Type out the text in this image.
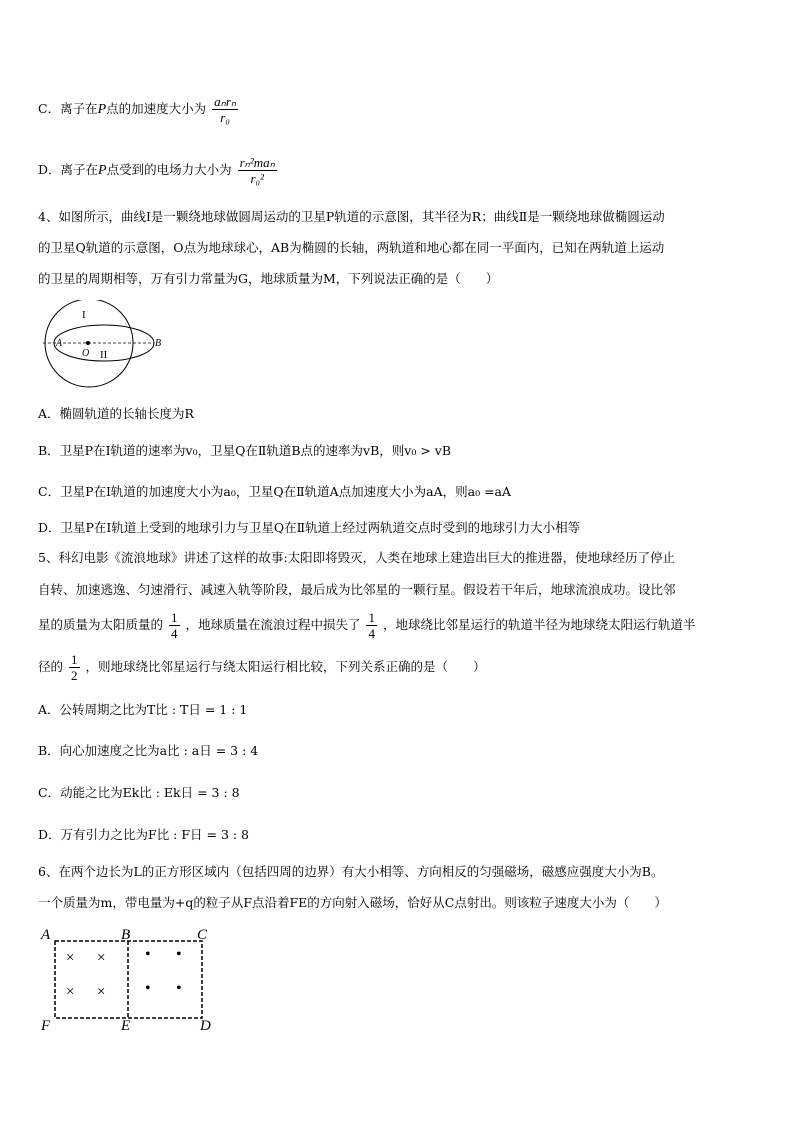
C．离子在P点的加速度大小为 $\frac{\text{aₙrₙ}}{\text{r₀}}$
D．离子在P点受到的电场力大小为 $\frac{\text{rₙ²maₙ}}{\text{r₀²}}$
4、如图所示，曲线Ⅰ是一颗绕地球做圆周运动的卫星P轨道的示意图，其半径为R；曲线Ⅱ是一颗绕地球做椭圆运动
的卫星Q轨道的示意图，O点为地球球心，AB为椭圆的长轴，两轨道和地心都在同一平面内，已知在两轨道上运动
的卫星的周期相等，万有引力常量为G，地球质量为M，下列说法正确的是（　　）
I
II
A	B
O
A．椭圆轨道的长轴长度为R
B．卫星P在Ⅰ轨道的速率为v₀，卫星Q在Ⅱ轨道B点的速率为vB，则v₀ > vB
C．卫星P在Ⅰ轨道的加速度大小为a₀，卫星Q在Ⅱ轨道A点加速度大小为aA，则a₀ =aA
D．卫星P在Ⅰ轨道上受到的地球引力与卫星Q在Ⅱ轨道上经过两轨道交点时受到的地球引力大小相等
5、科幻电影《流浪地球》讲述了这样的故事:太阳即将毁灭，人类在地球上建造出巨大的推进器，使地球经历了停止
自转、加速逃逸、匀速滑行、减速入轨等阶段，最后成为比邻星的一颗行星。假设若干年后，地球流浪成功。设比邻
星的质量为太阳质量的 $\frac{1}{4}$ ，地球质量在流浪过程中损失了 $\frac{1}{4}$ ，地球绕比邻星运行的轨道半径为地球绕太阳运行轨道半
径的 $\frac{1}{2}$ ，则地球绕比邻星运行与绕太阳运行相比较，下列关系正确的是（　　）
A．公转周期之比为T比 : T日 = 1 : 1
B．向心加速度之比为a比 : a日 = 3 : 4
C．动能之比为Ek比 : Ek日 = 3 : 8
D．万有引力之比为F比 : F日 = 3 : 8
6、在两个边长为L的正方形区域内（包括四周的边界）有大小相等、方向相反的匀强磁场，磁感应强度大小为B。
一个质量为m，带电量为+q的粒子从F点沿着FE的方向射入磁场，恰好从C点射出。则该粒子速度大小为（　　）
A	B	C
D
E
F
× ×
× ×
• •
• •
